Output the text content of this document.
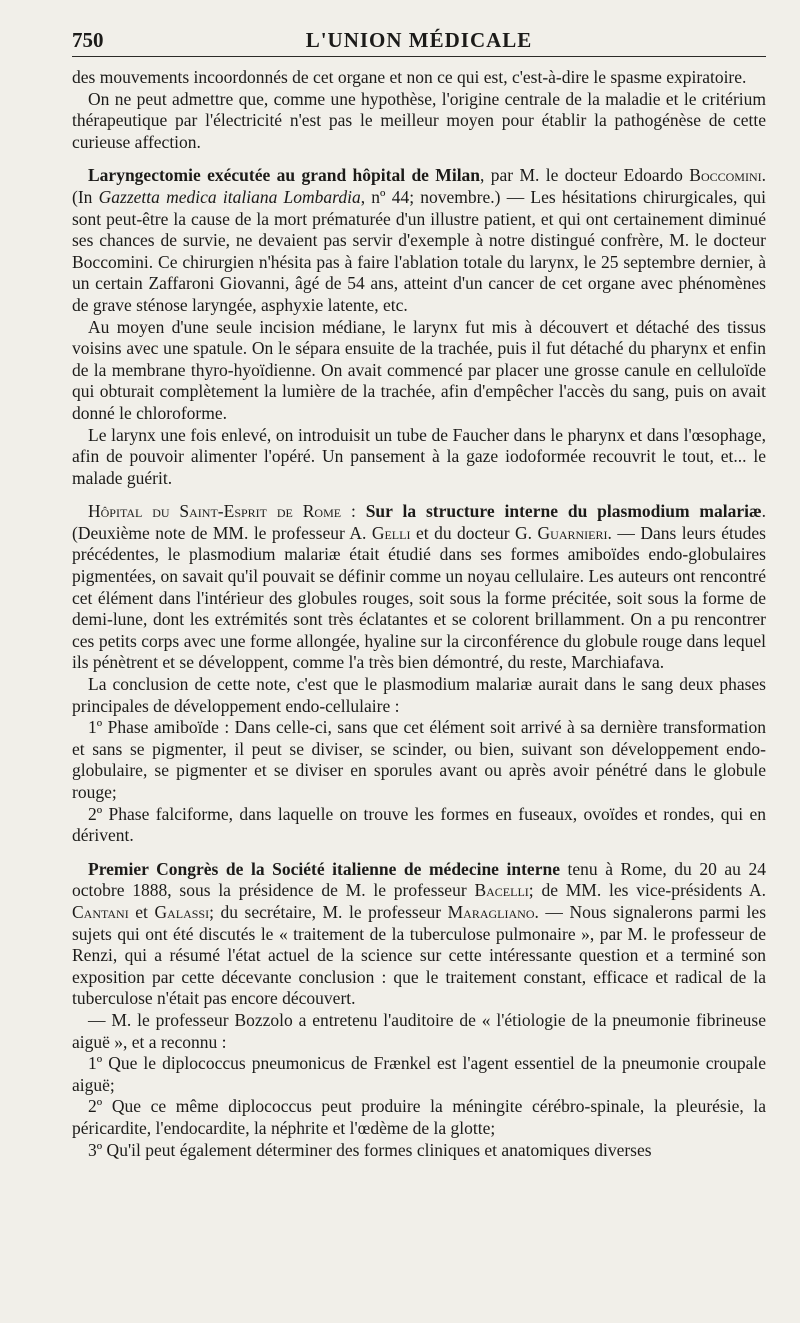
750	L'UNION MÉDICALE

des mouvements incoordonnés de cet organe et non ce qui est, c'est-à-dire le spasme expiratoire.

On ne peut admettre que, comme une hypothèse, l'origine centrale de la maladie et le critérium thérapeutique par l'électricité n'est pas le meilleur moyen pour établir la pathogénèse de cette curieuse affection.

Laryngectomie exécutée au grand hôpital de Milan, par M. le docteur Edoardo Boccomini. (In Gazzetta medica italiana Lombardia, nº 44; novembre.) — Les hésitations chirurgicales, qui sont peut-être la cause de la mort prématurée d'un illustre patient, et qui ont certainement diminué ses chances de survie, ne devaient pas servir d'exemple à notre distingué confrère, M. le docteur Boccomini. Ce chirurgien n'hésita pas à faire l'ablation totale du larynx, le 25 septembre dernier, à un certain Zaffaroni Giovanni, âgé de 54 ans, atteint d'un cancer de cet organe avec phénomènes de grave sténose laryngée, asphyxie latente, etc.

Au moyen d'une seule incision médiane, le larynx fut mis à découvert et détaché des tissus voisins avec une spatule. On le sépara ensuite de la trachée, puis il fut détaché du pharynx et enfin de la membrane thyro-hyoïdienne. On avait commencé par placer une grosse canule en celluloïde qui obturait complètement la lumière de la trachée, afin d'empêcher l'accès du sang, puis on avait donné le chloroforme.

Le larynx une fois enlevé, on introduisit un tube de Faucher dans le pharynx et dans l'œsophage, afin de pouvoir alimenter l'opéré. Un pansement à la gaze iodoformée recouvrit le tout, et... le malade guérit.

Hôpital du Saint-Esprit de Rome : Sur la structure interne du plasmodium malariæ. (Deuxième note de MM. le professeur A. Gelli et du docteur G. Guarnieri. — Dans leurs études précédentes, le plasmodium malariæ était étudié dans ses formes amiboïdes endo-globulaires pigmentées, on savait qu'il pouvait se définir comme un noyau cellulaire. Les auteurs ont rencontré cet élément dans l'intérieur des globules rouges, soit sous la forme précitée, soit sous la forme de demi-lune, dont les extrémités sont très éclatantes et se colorent brillamment. On a pu rencontrer ces petits corps avec une forme allongée, hyaline sur la circonférence du globule rouge dans lequel ils pénètrent et se développent, comme l'a très bien démontré, du reste, Marchiafava.

La conclusion de cette note, c'est que le plasmodium malariæ aurait dans le sang deux phases principales de développement endo-cellulaire :

1º Phase amiboïde : Dans celle-ci, sans que cet élément soit arrivé à sa dernière transformation et sans se pigmenter, il peut se diviser, se scinder, ou bien, suivant son développement endo-globulaire, se pigmenter et se diviser en sporules avant ou après avoir pénétré dans le globule rouge;

2º Phase falciforme, dans laquelle on trouve les formes en fuseaux, ovoïdes et rondes, qui en dérivent.

Premier Congrès de la Société italienne de médecine interne tenu à Rome, du 20 au 24 octobre 1888, sous la présidence de M. le professeur Bacelli; de MM. les vice-présidents A. Cantani et Galassi; du secrétaire, M. le professeur Maragliano. — Nous signalerons parmi les sujets qui ont été discutés le « traitement de la tuberculose pulmonaire », par M. le professeur de Renzi, qui a résumé l'état actuel de la science sur cette intéressante question et a terminé son exposition par cette décevante conclusion : que le traitement constant, efficace et radical de la tuberculose n'était pas encore découvert.

— M. le professeur Bozzolo a entretenu l'auditoire de « l'étiologie de la pneumonie fibrineuse aiguë », et a reconnu :

1º Que le diplococcus pneumonicus de Frænkel est l'agent essentiel de la pneumonie croupale aiguë;

2º Que ce même diplococcus peut produire la méningite cérébro-spinale, la pleurésie, la péricardite, l'endocardite, la néphrite et l'œdème de la glotte;

3º Qu'il peut également déterminer des formes cliniques et anatomiques diverses
